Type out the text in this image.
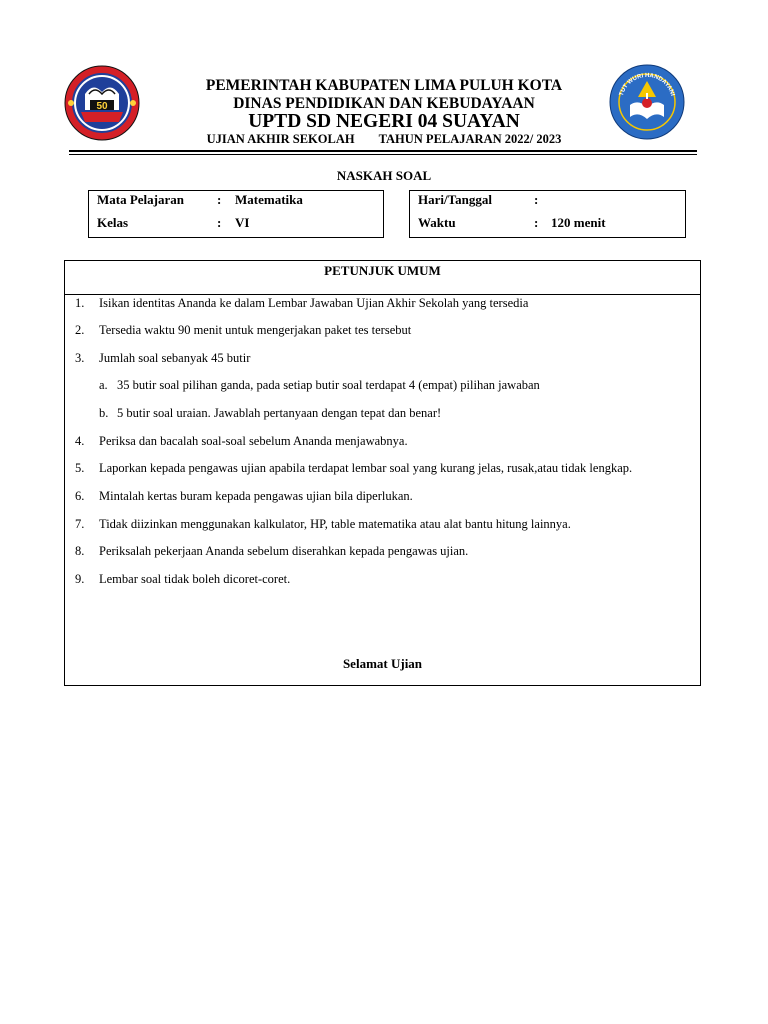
50
TUT WURI HANDAYANI
PEMERINTAH KABUPATEN LIMA PULUH KOTA
DINAS PENDIDIKAN DAN KEBUDAYAAN
UPTD SD NEGERI 04 SUAYAN
UJIAN AKHIR SEKOLAH TAHUN PELAJARAN 2022/ 2023
NASKAH SOAL
Mata Pelajaran	: Matematika
Kelas	: VI
Hari/Tanggal	:
Waktu	: 120 menit
PETUNJUK UMUM
1. Isikan identitas Ananda ke dalam Lembar Jawaban Ujian Akhir Sekolah yang tersedia
2. Tersedia waktu 90 menit untuk mengerjakan paket tes tersebut
3. Jumlah soal sebanyak 45 butir
a. 35 butir soal pilihan ganda, pada setiap butir soal terdapat 4 (empat) pilihan jawaban
b. 5 butir soal uraian. Jawablah pertanyaan dengan tepat dan benar!
4. Periksa dan bacalah soal-soal sebelum Ananda menjawabnya.
5. Laporkan kepada pengawas ujian apabila terdapat lembar soal yang kurang jelas, rusak,atau tidak lengkap.
6. Mintalah kertas buram kepada pengawas ujian bila diperlukan.
7. Tidak diizinkan menggunakan kalkulator, HP, table matematika atau alat bantu hitung lainnya.
8. Periksalah pekerjaan Ananda sebelum diserahkan kepada pengawas ujian.
9. Lembar soal tidak boleh dicoret-coret.
Selamat Ujian
